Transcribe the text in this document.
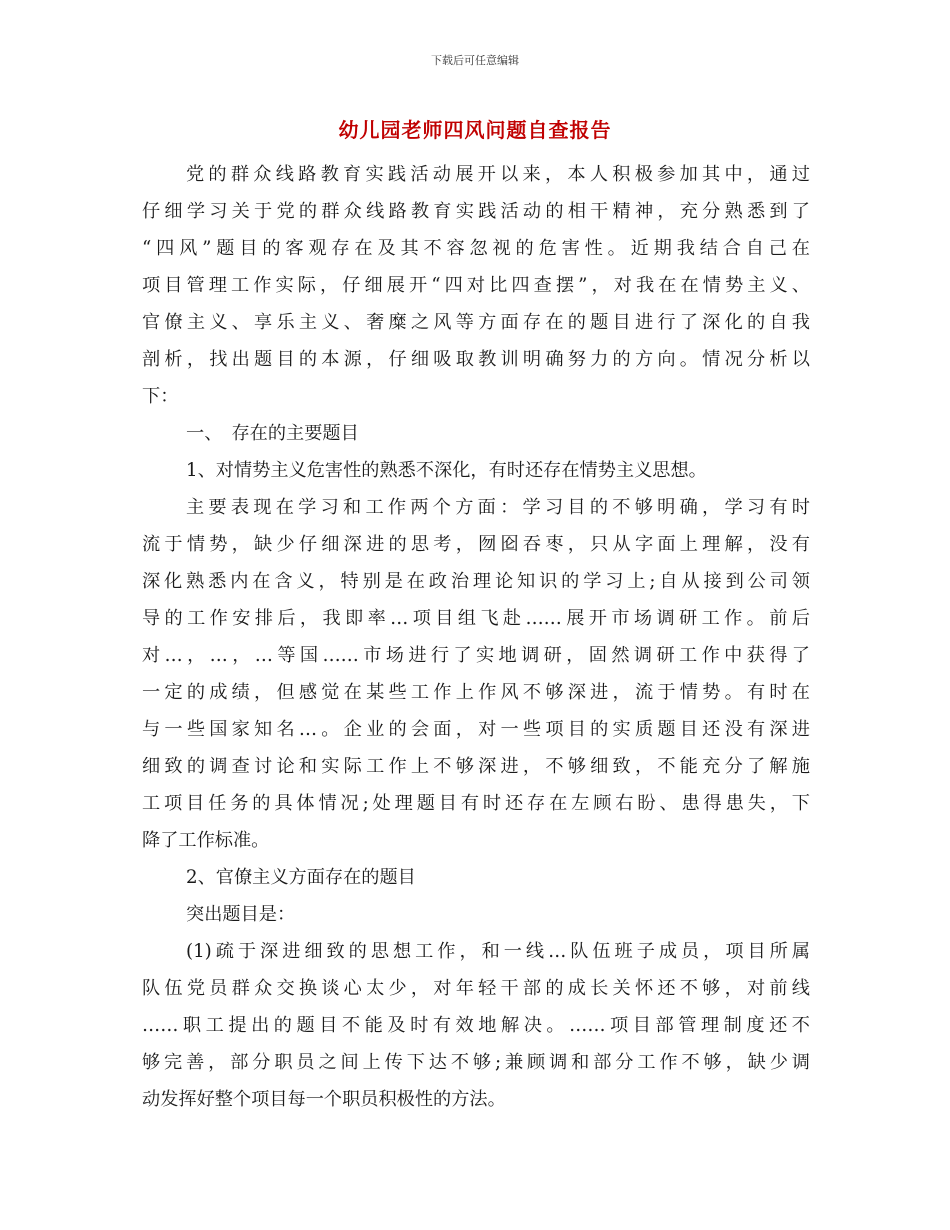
下载后可任意编辑
幼儿园老师四风问题自查报告
党的群众线路教育实践活动展开以来，本人积极参加其中，通过
仔细学习关于党的群众线路教育实践活动的相干精神，充分熟悉到了
“四风”题目的客观存在及其不容忽视的危害性。近期我结合自己在
项目管理工作实际，仔细展开“四对比四查摆”，对我在在情势主义、
官僚主义、享乐主义、奢糜之风等方面存在的题目进行了深化的自我
剖析，找出题目的本源，仔细吸取教训明确努力的方向。情况分析以
下：
一、　存在的主要题目
1、对情势主义危害性的熟悉不深化，有时还存在情势主义思想。
主要表现在学习和工作两个方面：学习目的不够明确，学习有时
流于情势，缺少仔细深进的思考，囫囵吞枣，只从字面上理解，没有
深化熟悉内在含义，特别是在政治理论知识的学习上;自从接到公司领
导的工作安排后，我即率…项目组飞赴……展开市场调研工作。前后
对…，…，…等国……市场进行了实地调研，固然调研工作中获得了
一定的成绩，但感觉在某些工作上作风不够深进，流于情势。有时在
与一些国家知名…。企业的会面，对一些项目的实质题目还没有深进
细致的调查讨论和实际工作上不够深进，不够细致，不能充分了解施
工项目任务的具体情况;处理题目有时还存在左顾右盼、患得患失，下
降了工作标准。
2、官僚主义方面存在的题目
突出题目是：
(1)疏于深进细致的思想工作，和一线…队伍班子成员，项目所属
队伍党员群众交换谈心太少，对年轻干部的成长关怀还不够，对前线
……职工提出的题目不能及时有效地解决。……项目部管理制度还不
够完善，部分职员之间上传下达不够;兼顾调和部分工作不够，缺少调
动发挥好整个项目每一个职员积极性的方法。
